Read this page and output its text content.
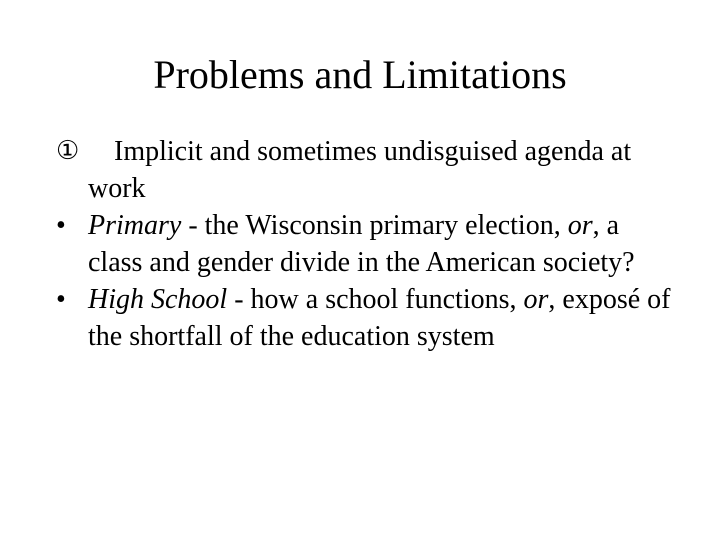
Problems and Limitations

① Implicit and sometimes undisguised agenda at work

• Primary - the Wisconsin primary election, or, a class and gender divide in the American society?

• High School - how a school functions, or, exposé of the shortfall of the education system
